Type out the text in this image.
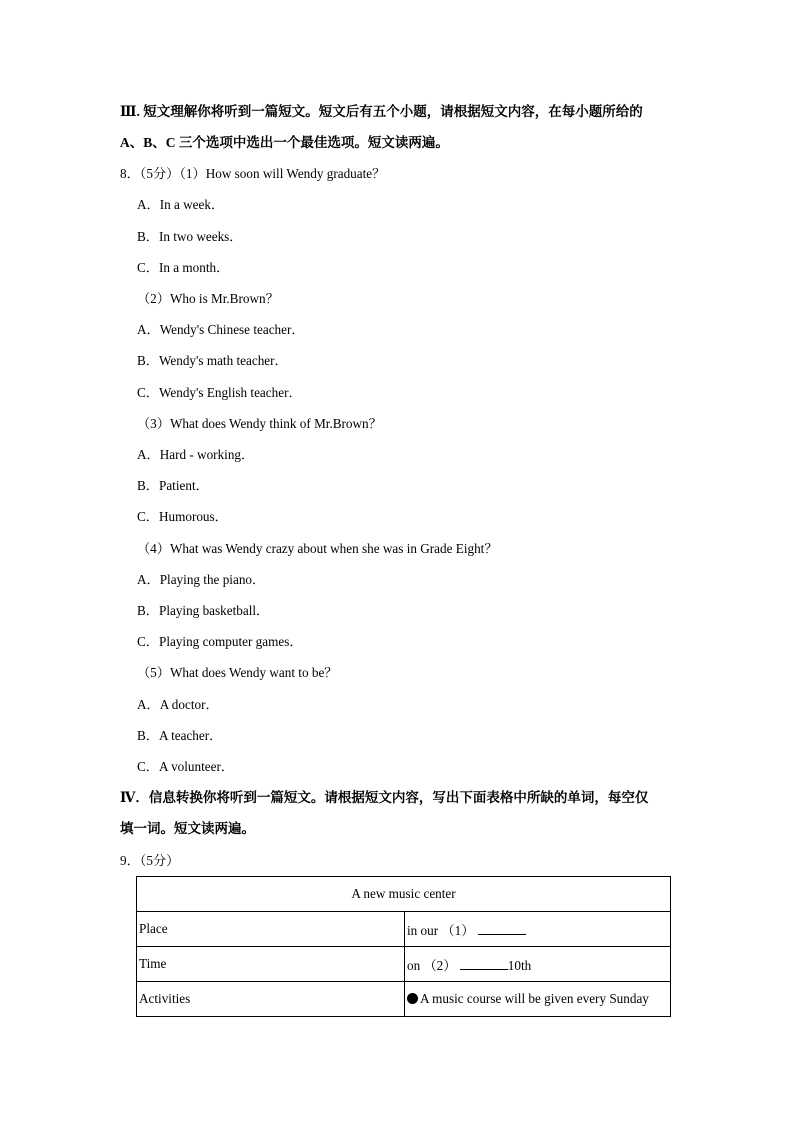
Ⅲ. 短文理解你将听到一篇短文。短文后有五个小题，请根据短文内容，在每小题所给的
A、B、C 三个选项中选出一个最佳选项。短文读两遍。
8．（5分）（1）How soon will Wendy graduate？
A．In a week．
B．In two weeks．
C．In a month．
（2）Who is Mr.Brown？
A．Wendy's Chinese teacher．
B．Wendy's math teacher．
C．Wendy's English teacher．
（3）What does Wendy think of Mr.Brown？
A．Hard ‑ working．
B．Patient．
C．Humorous．
（4）What was Wendy crazy about when she was in Grade Eight？
A．Playing the piano．
B．Playing basketball．
C．Playing computer games．
（5）What does Wendy want to be？
A．A doctor．
B．A teacher．
C．A volunteer．
Ⅳ．信息转换你将听到一篇短文。请根据短文内容，写出下面表格中所缺的单词，每空仅
填一词。短文读两遍。
9．（5分）
A new music center	
Place	in our （1）
Time	on （2） 10th
Activities	A music course will be given every Sunday
